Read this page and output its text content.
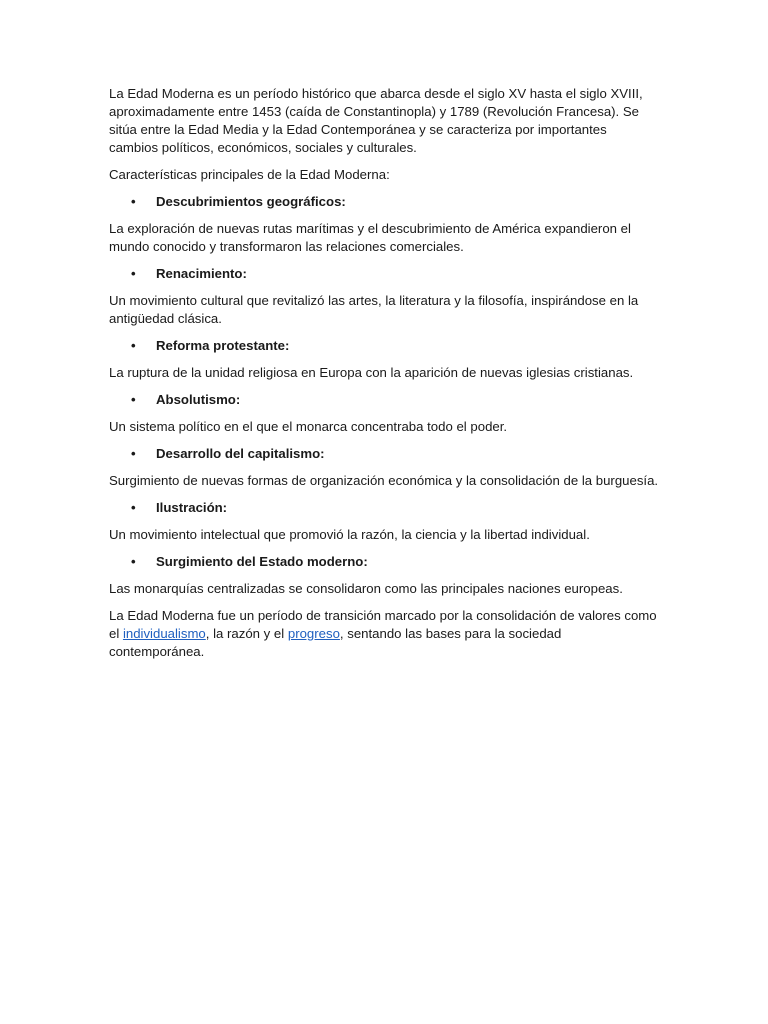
La Edad Moderna es un período histórico que abarca desde el siglo XV hasta el siglo XVIII, aproximadamente entre 1453 (caída de Constantinopla) y 1789 (Revolución Francesa). Se sitúa entre la Edad Media y la Edad Contemporánea y se caracteriza por importantes cambios políticos, económicos, sociales y culturales.

Características principales de la Edad Moderna:

•	Descubrimientos geográficos:

La exploración de nuevas rutas marítimas y el descubrimiento de América expandieron el mundo conocido y transformaron las relaciones comerciales.

•	Renacimiento:

Un movimiento cultural que revitalizó las artes, la literatura y la filosofía, inspirándose en la antigüedad clásica.

•	Reforma protestante:

La ruptura de la unidad religiosa en Europa con la aparición de nuevas iglesias cristianas.

•	Absolutismo:

Un sistema político en el que el monarca concentraba todo el poder.

•	Desarrollo del capitalismo:

Surgimiento de nuevas formas de organización económica y la consolidación de la burguesía.

•	Ilustración:

Un movimiento intelectual que promovió la razón, la ciencia y la libertad individual.

•	Surgimiento del Estado moderno:

Las monarquías centralizadas se consolidaron como las principales naciones europeas.

La Edad Moderna fue un período de transición marcado por la consolidación de valores como el individualismo, la razón y el progreso, sentando las bases para la sociedad contemporánea.
